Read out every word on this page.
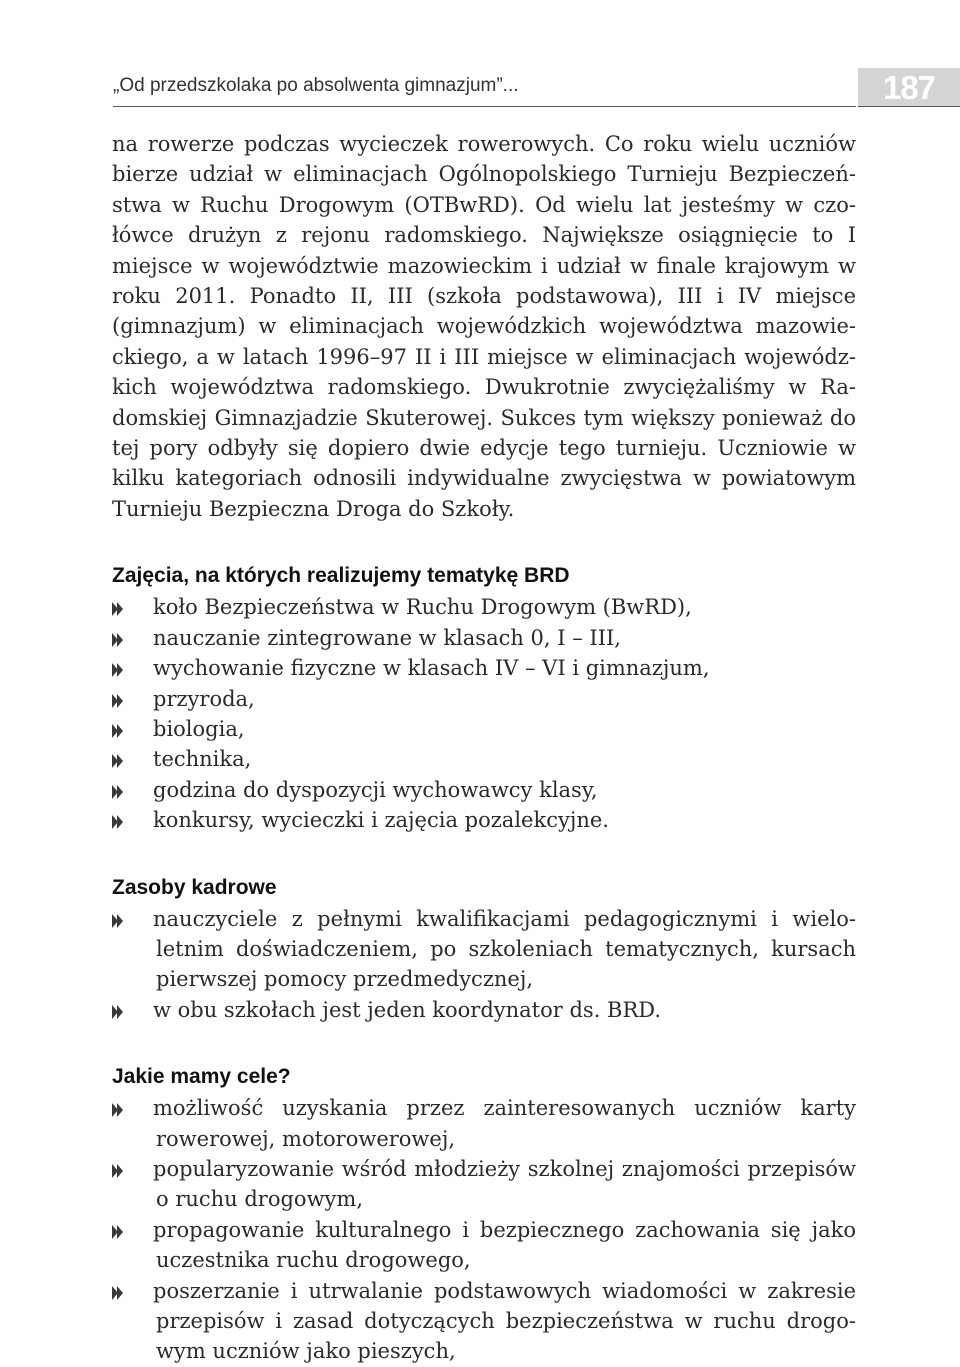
„Od przedszkolaka po absolwenta gimnazjum”...	187

na rowerze podczas wycieczek rowerowych. Co roku wielu uczniów bierze udział w eliminacjach Ogólnopolskiego Turnieju Bezpieczeństwa w Ruchu Drogowym (OTBwRD). Od wielu lat jesteśmy w czołówce drużyn z rejonu radomskiego. Największe osiągnięcie to I miejsce w województwie mazowieckim i udział w finale krajowym w roku 2011. Ponadto II, III (szkoła podstawowa), III i IV miejsce (gimnazjum) w eliminacjach wojewódzkich województwa mazowieckiego, a w latach 1996–97 II i III miejsce w eliminacjach wojewódzkich województwa radomskiego. Dwukrotnie zwyciężaliśmy w Radomskiej Gimnazjadzie Skuterowej. Sukces tym większy ponieważ do tej pory odbyły się dopiero dwie edycje tego turnieju. Uczniowie w kilku kategoriach odnosili indywidualne zwycięstwa w powiatowym Turnieju Bezpieczna Droga do Szkoły.

Zajęcia, na których realizujemy tematykę BRD
koło Bezpieczeństwa w Ruchu Drogowym (BwRD),
nauczanie zintegrowane w klasach 0, I – III,
wychowanie fizyczne w klasach IV – VI i gimnazjum,
przyroda,
biologia,
technika,
godzina do dyspozycji wychowawcy klasy,
konkursy, wycieczki i zajęcia pozalekcyjne.
Zasoby kadrowe
nauczyciele z pełnymi kwalifikacjami pedagogicznymi i wieloletnim doświadczeniem, po szkoleniach tematycznych, kursach pierwszej pomocy przedmedycznej,
w obu szkołach jest jeden koordynator ds. BRD.
Jakie mamy cele?
możliwość uzyskania przez zainteresowanych uczniów karty rowerowej, motorowerowej,
popularyzowanie wśród młodzieży szkolnej znajomości przepisów o ruchu drogowym,
propagowanie kulturalnego i bezpiecznego zachowania się jako uczestnika ruchu drogowego,
poszerzanie i utrwalanie podstawowych wiadomości w zakresie przepisów i zasad dotyczących bezpieczeństwa w ruchu drogowym uczniów jako pieszych,
